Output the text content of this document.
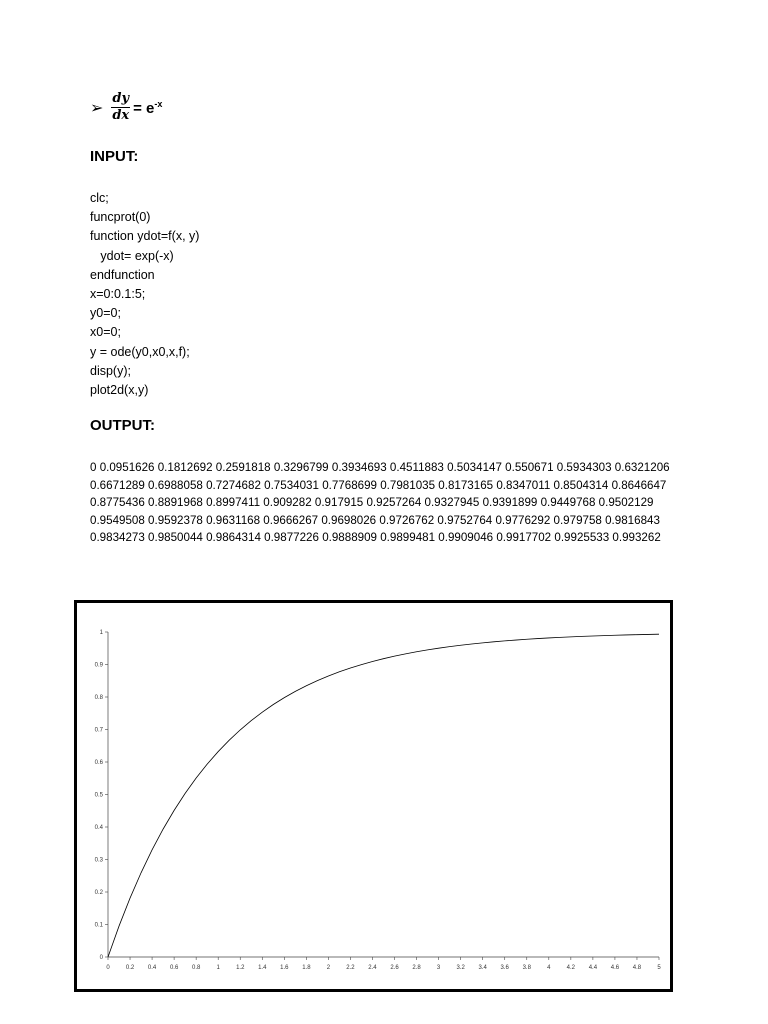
➢ $\frac{dy}{dx} = e^{-x}$
INPUT:
clc;
funcprot(0)
function ydot=f(x, y)
ydot= exp(-x)
endfunction
x=0:0.1:5;
y0=0;
x0=0;
y = ode(y0,x0,x,f);
disp(y);
plot2d(x,y)
OUTPUT:
0 0.0951626 0.1812692 0.2591818 0.3296799 0.3934693 0.4511883 0.5034147 0.550671 0.5934303 0.6321206 0.6671289 0.6988058 0.7274682 0.7534031 0.7768699 0.7981035 0.8173165 0.8347011 0.8504314 0.8646647 0.8775436 0.8891968 0.8997411 0.909282 0.917915 0.9257264 0.9327945 0.9391899 0.9449768 0.9502129 0.9549508 0.9592378 0.9631168 0.9666267 0.9698026 0.9726762 0.9752764 0.9776292 0.979758 0.9816843 0.9834273 0.9850044 0.9864314 0.9877226 0.9888909 0.9899481 0.9909046 0.9917702 0.9925533 0.993262
0	0.2 0.4 0.6 0.8	1	1.2 1.4 1.6 1.8	2	2.2 2.4 2.6 2.8	3	3.2 3.4 3.6 3.8	4	4.2 4.4 4.6 4.8	5
0
0.1
0.2
0.3
0.4
0.5
0.6
0.7
0.8
0.9
1
